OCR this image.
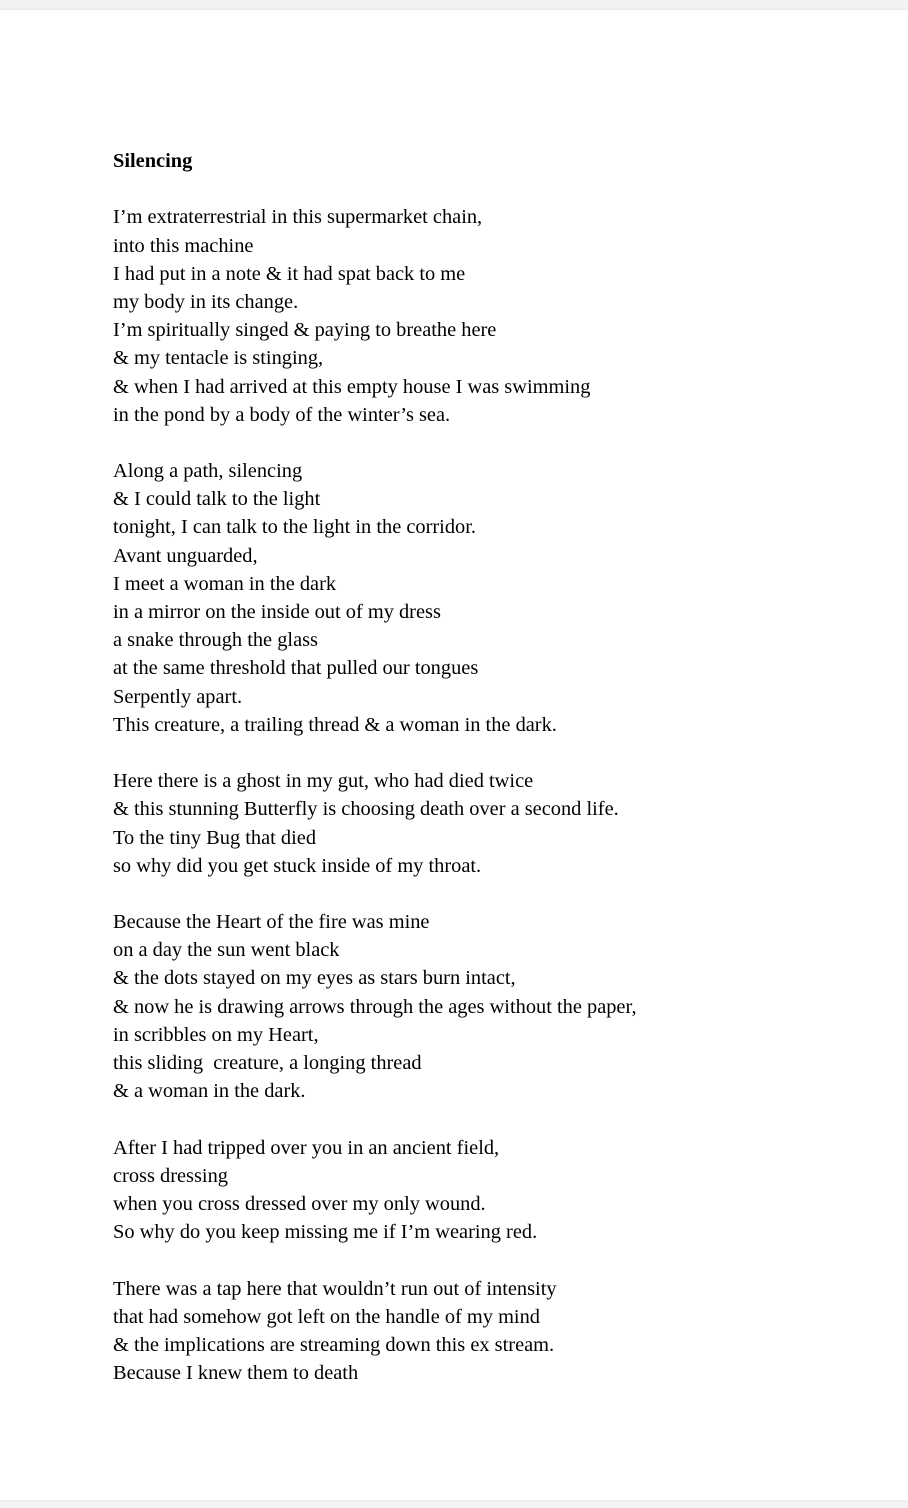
Silencing

I’m extraterrestrial in this supermarket chain,
into this machine
I had put in a note & it had spat back to me
my body in its change.
I’m spiritually singed & paying to breathe here
& my tentacle is stinging,
& when I had arrived at this empty house I was swimming
in the pond by a body of the winter’s sea.
Along a path, silencing
& I could talk to the light
tonight, I can talk to the light in the corridor.
Avant unguarded,
I meet a woman in the dark
in a mirror on the inside out of my dress
a snake through the glass
at the same threshold that pulled our tongues
Serpently apart.
This creature, a trailing thread & a woman in the dark.
Here there is a ghost in my gut, who had died twice
& this stunning Butterfly is choosing death over a second life.
To the tiny Bug that died
so why did you get stuck inside of my throat.
Because the Heart of the fire was mine
on a day the sun went black
& the dots stayed on my eyes as stars burn intact,
& now he is drawing arrows through the ages without the paper,
in scribbles on my Heart,
this sliding  creature, a longing thread
& a woman in the dark.
After I had tripped over you in an ancient field,
cross dressing
when you cross dressed over my only wound.
So why do you keep missing me if I’m wearing red.
There was a tap here that wouldn’t run out of intensity
that had somehow got left on the handle of my mind
& the implications are streaming down this ex stream.
Because I knew them to death
